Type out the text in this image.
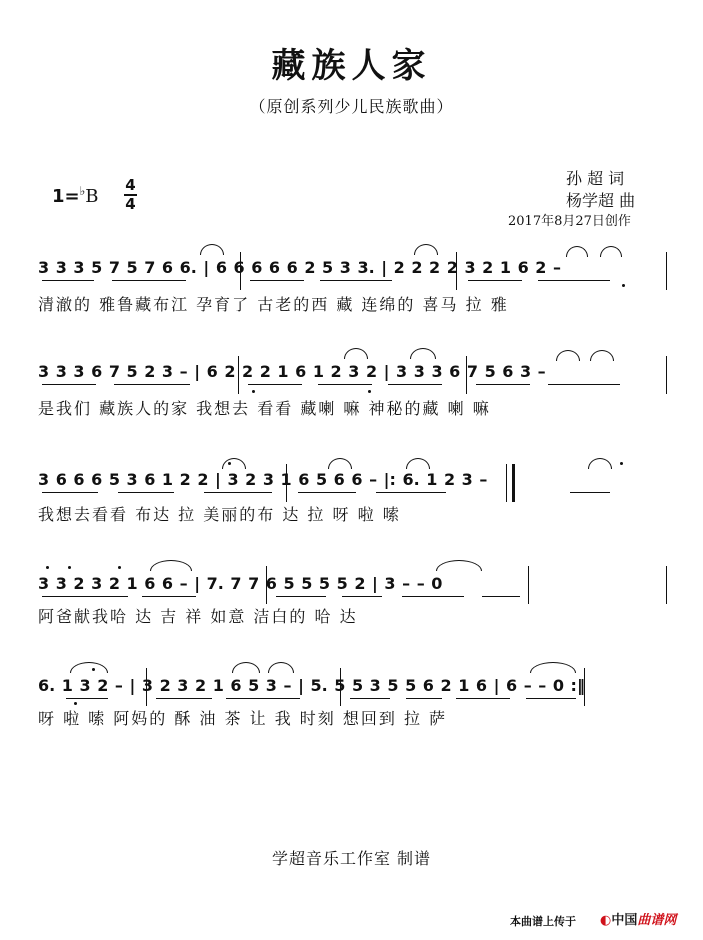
藏族人家
（原创系列少儿民族歌曲）
孙 超 词
杨学超 曲
2017年8月27日创作
1=♭B
4
4
3 3 3 5 7 5 7 6 6. | 6 6 6 6 6 2 5 3 3. | 2 2 2 2 3 2 1 6 2 –
清澈的 雅鲁藏布江 孕育了 古老的西 藏 连绵的 喜马 拉 雅
3 3 3 6 7 5 2 3 – | 6 2 2 2 1 6 1 2 3 2 | 3 3 3 6 7 5 6 3 –
是我们 藏族人的家 我想去 看看 藏喇 嘛 神秘的藏 喇 嘛
3 6 6 6 5 3 6 1 2 2 | 3 2 3 1 6 5 6 6 – |: 6. 1 2 3 –
我想去看看 布达 拉 美丽的布 达 拉 呀 啦 嗦
3 3 2 3 2 1 6 6 – | 7. 7 7 6 5 5 5 5 2 | 3 – – 0
阿爸献我哈 达 吉 祥 如意 洁白的 哈 达
6. 1 3 2 – | 3 2 3 2 1 6 5 3 – | 5. 5 5 3 5 5 6 2 1 6 | 6 – – 0 :‖
呀 啦 嗦 阿妈的 酥 油 茶 让 我 时刻 想回到 拉 萨
学超音乐工作室 制谱
本曲谱上传于 ◐中国曲谱网
